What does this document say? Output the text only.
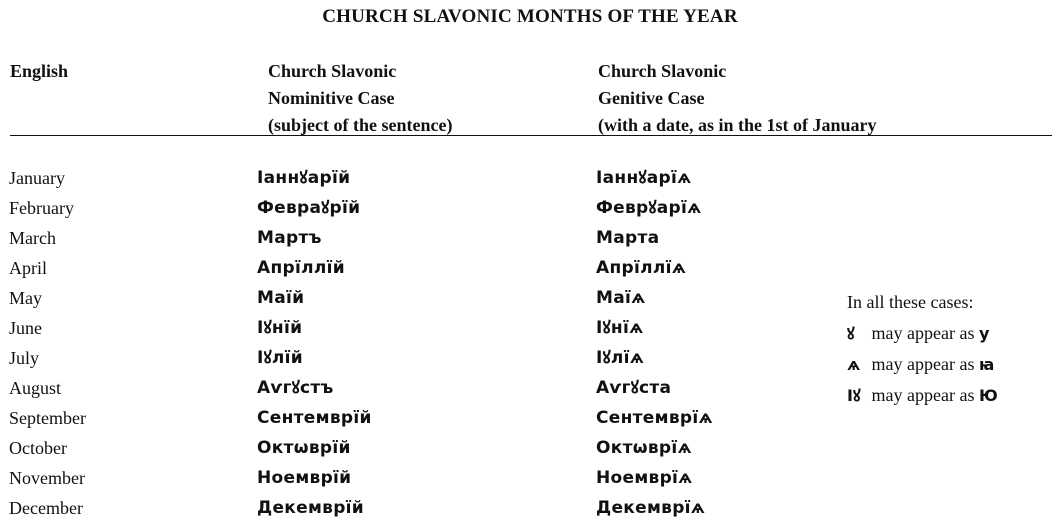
CHURCH SLAVONIC MONTHS OF THE YEAR
English	Church Slavonic
Nominitive Case
(subject of the sentence)
Church Slavonic
Genitive Case
(with a date, as in the 1st of January
January	Іаннꙋарїй	Іаннꙋарїѧ
February	Февраꙋрїй	Феврꙋарїѧ
March	Мартъ	Марта
April	Апрїллїй	Апрїллїѧ
May	Маїй	Маїѧ
June	Іꙋнїй	Іꙋнїѧ
July	Іꙋлїй	Іꙋлїѧ
August	Аѵгꙋстъ	Аѵгꙋста
September	Сентемврїй	Сентемврїѧ
October	Октѡврїй	Октѡврїѧ
November	Ноемврїй	Ноемврїѧ
December	Декемврїй	Декемврїѧ
In all these cases:
ꙋ may appear as у
ѧ may appear as ꙗ
Іꙋ may appear as Ю
